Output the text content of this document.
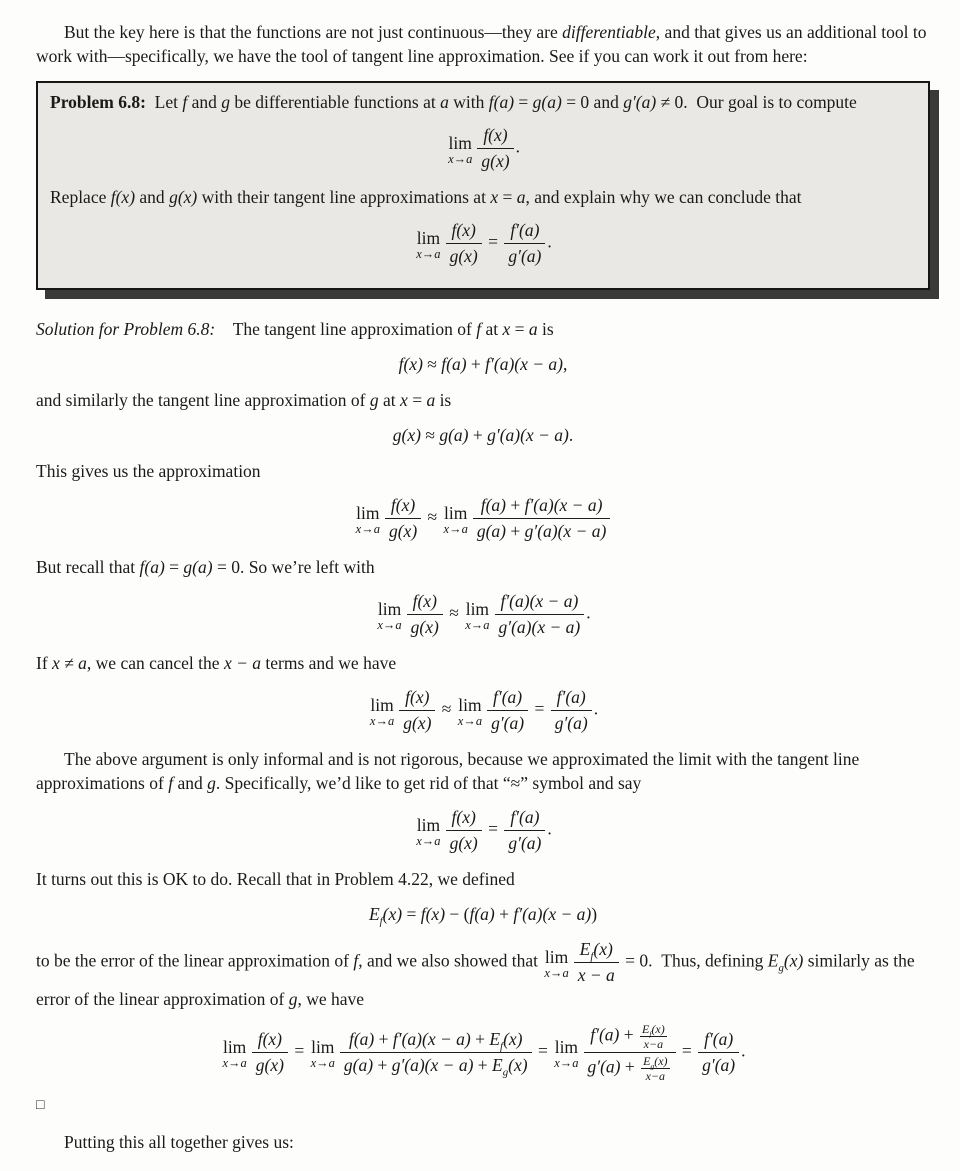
But the key here is that the functions are not just continuous—they are differentiable, and that gives us an additional tool to work with—specifically, we have the tool of tangent line approximation. See if you can work it out from here:

Problem 6.8: Let f and g be differentiable functions at a with f(a) = g(a) = 0 and g′(a) ≠ 0. Our goal is to compute

lim
$x\to a \frac{f(x)}{g(x)}$ .

Replace f(x) and g(x) with their tangent line approximations at x = a, and explain why we can conclude that

lim
$x\to a \frac{f(x)}{g(x)} = \frac{f'(a)}{g'(a)}$ .

Solution for Problem 6.8:  The tangent line approximation of f at x = a is

f(x) ≈ f(a) + f′(a)(x − a),

and similarly the tangent line approximation of g at x = a is

g(x) ≈ g(a) + g′(a)(x − a).

This gives us the approximation

lim
$x\to a \frac{f(x)}{g(x)} \approx \lim$
$x\to a \frac{f(a) + f'(a)(x - a)}{g(a) + g'(a)(x - a)}$

But recall that f(a) = g(a) = 0. So we’re left with

lim
$x\to a \frac{f(x)}{g(x)} \approx \lim$
$x\to a \frac{f'(a)(x - a)}{g'(a)(x - a)}$ .

If x ≠ a, we can cancel the x − a terms and we have

lim
$x\to a \frac{f(x)}{g(x)} \approx \lim$
$x\to a \frac{f'(a)}{g'(a)} = \frac{f'(a)}{g'(a)}$ .

The above argument is only informal and is not rigorous, because we approximated the limit with the tangent line approximations of f and g. Specifically, we’d like to get rid of that “≈” symbol and say

lim
$x\to a \frac{f(x)}{g(x)} = \frac{f'(a)}{g'(a)}$ .

It turns out this is OK to do. Recall that in Problem 4.22, we defined

$E_f(x) = f(x) - (f(a) + f'(a)(x - a))$

to be the error of the linear approximation of f, and we also showed that lim
$x\to a \frac{E_f(x)}{x - a} = 0$. Thus, defining $E_g(x)$ similarly as the error of the linear approximation of g, we have

lim
$x\to a \frac{f(x)}{g(x)} = \lim$
$x\to a \frac{f(a) + f'(a)(x - a) + E_f(x)}{g(a) + g'(a)(x - a) + E_g(x)} = \lim$
$x\to a \frac{f'(a) + \frac{E_f(x)}{x-a}}{g'(a) + \frac{E_g(x)}{x-a}} = \frac{f'(a)}{g'(a)}$ .
□

Putting this all together gives us:
